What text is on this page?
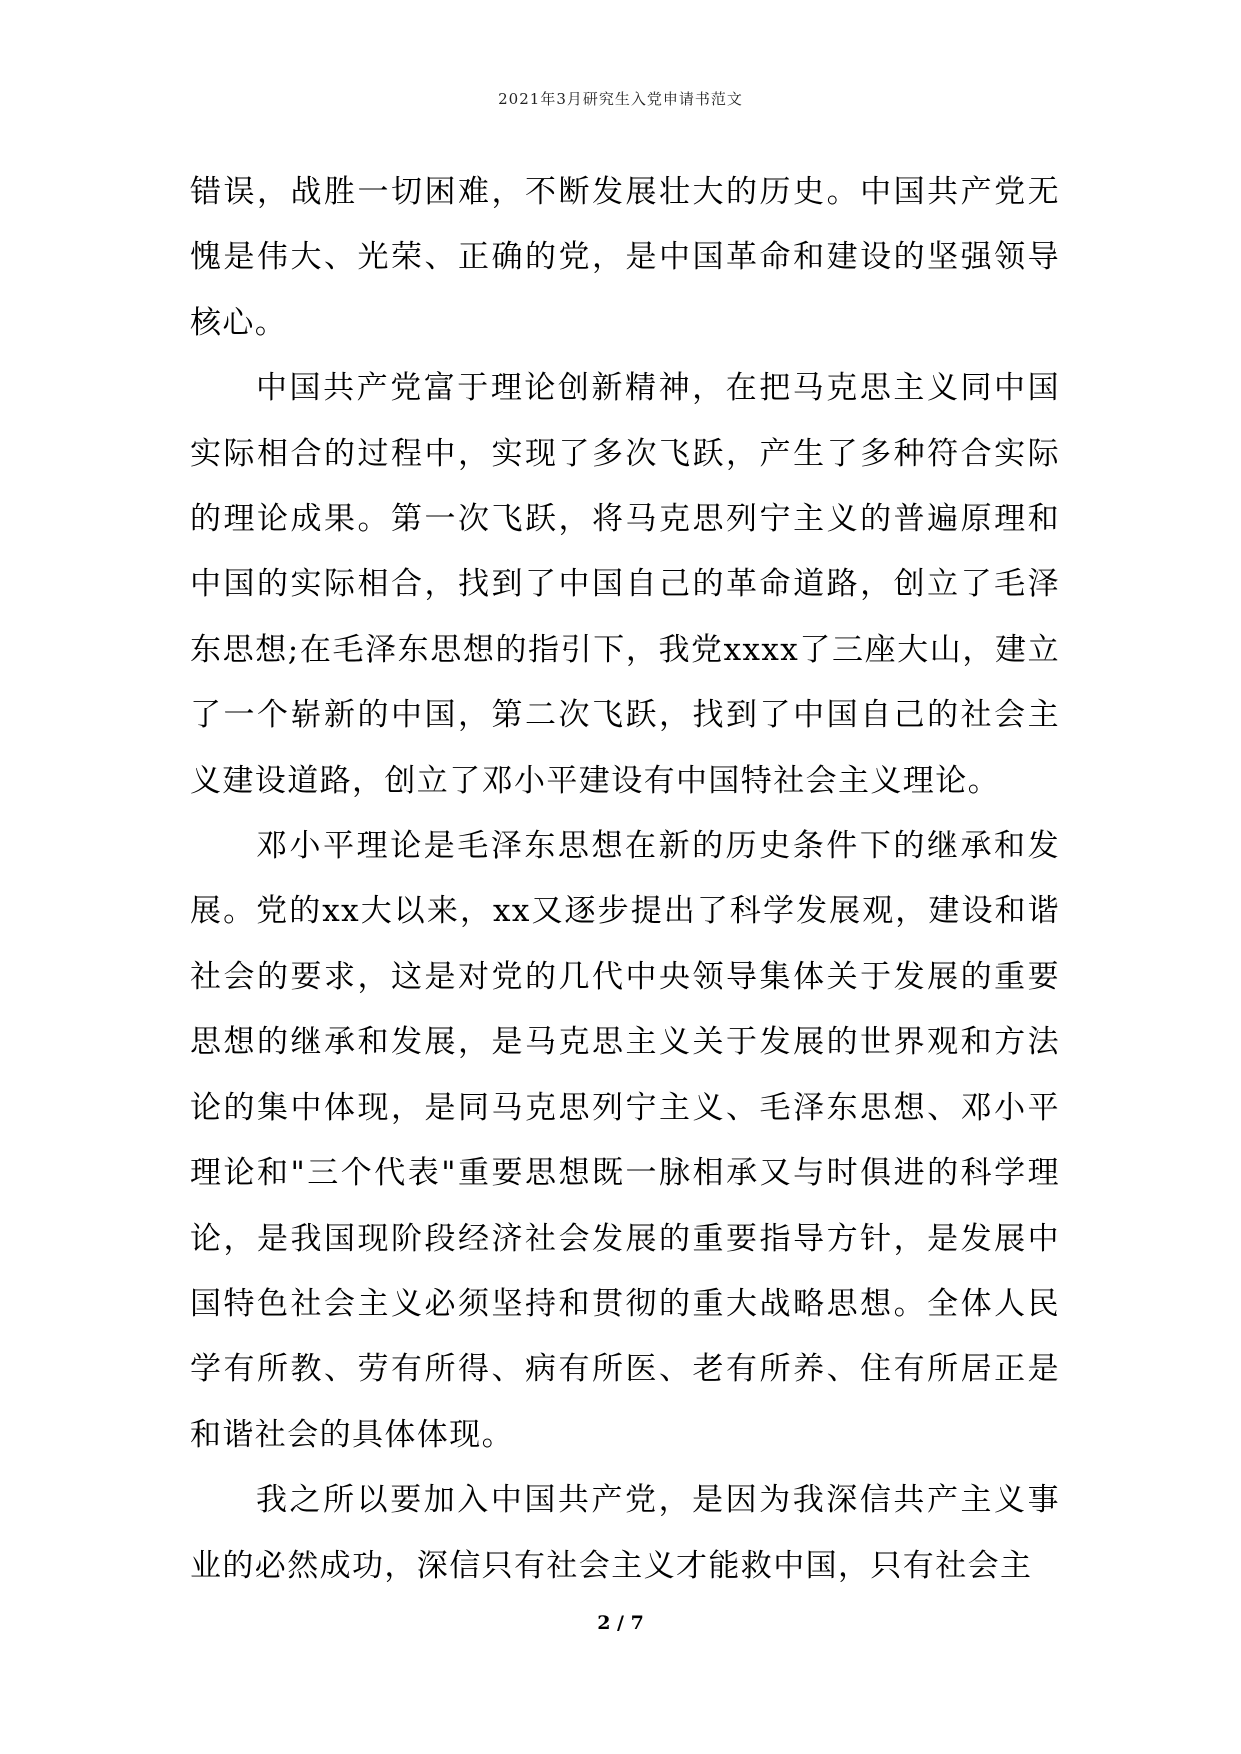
2021年3月研究生入党申请书范文

错误，战胜一切困难，不断发展壮大的历史。中国共产党无愧是伟大、光荣、正确的党，是中国革命和建设的坚强领导核心。

中国共产党富于理论创新精神，在把马克思主义同中国实际相合的过程中，实现了多次飞跃，产生了多种符合实际的理论成果。第一次飞跃，将马克思列宁主义的普遍原理和中国的实际相合，找到了中国自己的革命道路，创立了毛泽东思想;在毛泽东思想的指引下，我党xxxx了三座大山，建立了一个崭新的中国，第二次飞跃，找到了中国自己的社会主义建设道路，创立了邓小平建设有中国特社会主义理论。

邓小平理论是毛泽东思想在新的历史条件下的继承和发展。党的xx大以来，xx又逐步提出了科学发展观，建设和谐社会的要求，这是对党的几代中央领导集体关于发展的重要思想的继承和发展，是马克思主义关于发展的世界观和方法论的集中体现，是同马克思列宁主义、毛泽东思想、邓小平理论和"三个代表"重要思想既一脉相承又与时俱进的科学理论，是我国现阶段经济社会发展的重要指导方针，是发展中国特色社会主义必须坚持和贯彻的重大战略思想。全体人民学有所教、劳有所得、病有所医、老有所养、住有所居正是和谐社会的具体体现。

我之所以要加入中国共产党，是因为我深信共产主义事业的必然成功，深信只有社会主义才能救中国，只有社会主

2 / 7
